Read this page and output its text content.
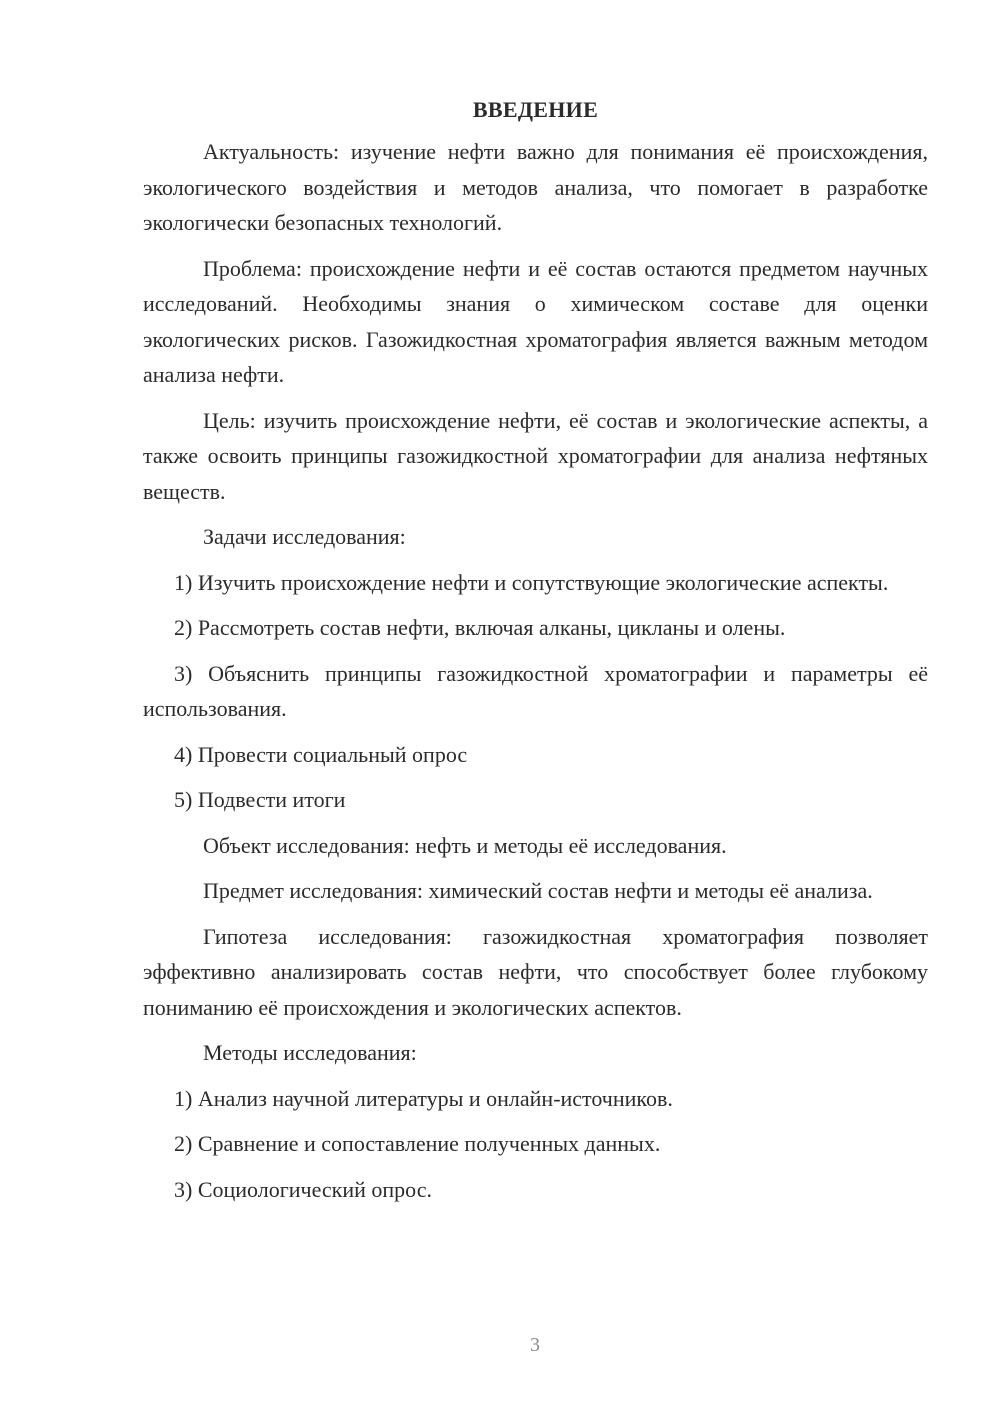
ВВЕДЕНИЕ

Актуальность: изучение нефти важно для понимания её происхождения, экологического воздействия и методов анализа, что помогает в разработке экологически безопасных технологий.

Проблема: происхождение нефти и её состав остаются предметом научных исследований. Необходимы знания о химическом составе для оценки экологических рисков. Газожидкостная хроматография является важным методом анализа нефти.

Цель: изучить происхождение нефти, её состав и экологические аспекты, а также освоить принципы газожидкостной хроматографии для анализа нефтяных веществ.

Задачи исследования:

1) Изучить происхождение нефти и сопутствующие экологические аспекты.

2) Рассмотреть состав нефти, включая алканы, цикланы и олены.

3) Объяснить принципы газожидкостной хроматографии и параметры её использования.

4) Провести социальный опрос

5) Подвести итоги

Объект исследования: нефть и методы её исследования.

Предмет исследования: химический состав нефти и методы её анализа.

Гипотеза исследования: газожидкостная хроматография позволяет эффективно анализировать состав нефти, что способствует более глубокому пониманию её происхождения и экологических аспектов.

Методы исследования:

1) Анализ научной литературы и онлайн-источников.

2) Сравнение и сопоставление полученных данных.

3) Социологический опрос.

3
